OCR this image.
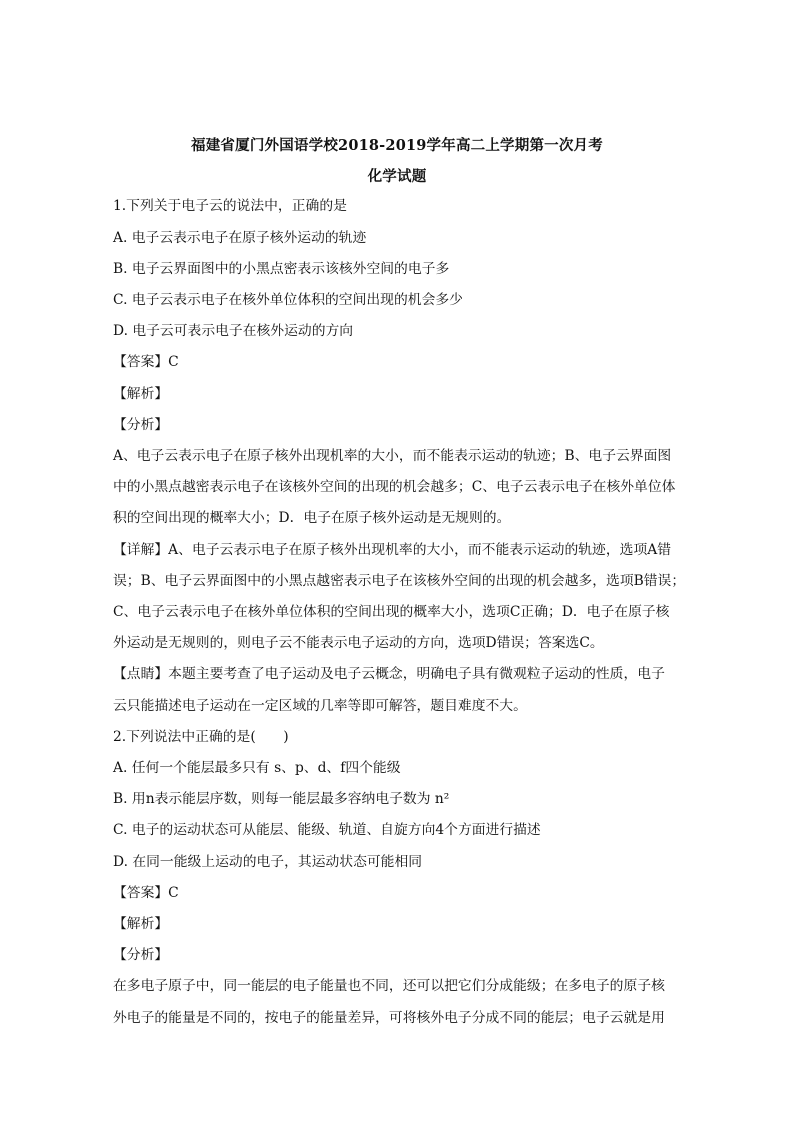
福建省厦门外国语学校2018-2019学年高二上学期第一次月考
化学试题
1.下列关于电子云的说法中，正确的是
A. 电子云表示电子在原子核外运动的轨迹
B. 电子云界面图中的小黑点密表示该核外空间的电子多
C. 电子云表示电子在核外单位体积的空间出现的机会多少
D. 电子云可表示电子在核外运动的方向
【答案】C
【解析】
【分析】
A、电子云表示电子在原子核外出现机率的大小，而不能表示运动的轨迹；B、电子云界面图
中的小黑点越密表示电子在该核外空间的出现的机会越多；C、电子云表示电子在核外单位体
积的空间出现的概率大小；D．电子在原子核外运动是无规则的。
【详解】A、电子云表示电子在原子核外出现机率的大小，而不能表示运动的轨迹，选项A错
误；B、电子云界面图中的小黑点越密表示电子在该核外空间的出现的机会越多，选项B错误；
C、电子云表示电子在核外单位体积的空间出现的概率大小，选项C正确；D．电子在原子核
外运动是无规则的，则电子云不能表示电子运动的方向，选项D错误；答案选C。
【点睛】本题主要考查了电子运动及电子云概念，明确电子具有微观粒子运动的性质，电子
云只能描述电子运动在一定区域的几率等即可解答，题目难度不大。
2.下列说法中正确的是(　　)
A. 任何一个能层最多只有 s、p、d、f四个能级
B. 用n表示能层序数，则每一能层最多容纳电子数为 n²
C. 电子的运动状态可从能层、能级、轨道、自旋方向4个方面进行描述
D. 在同一能级上运动的电子，其运动状态可能相同
【答案】C
【解析】
【分析】
在多电子原子中，同一能层的电子能量也不同，还可以把它们分成能级；在多电子的原子核
外电子的能量是不同的，按电子的能量差异，可将核外电子分成不同的能层；电子云就是用
